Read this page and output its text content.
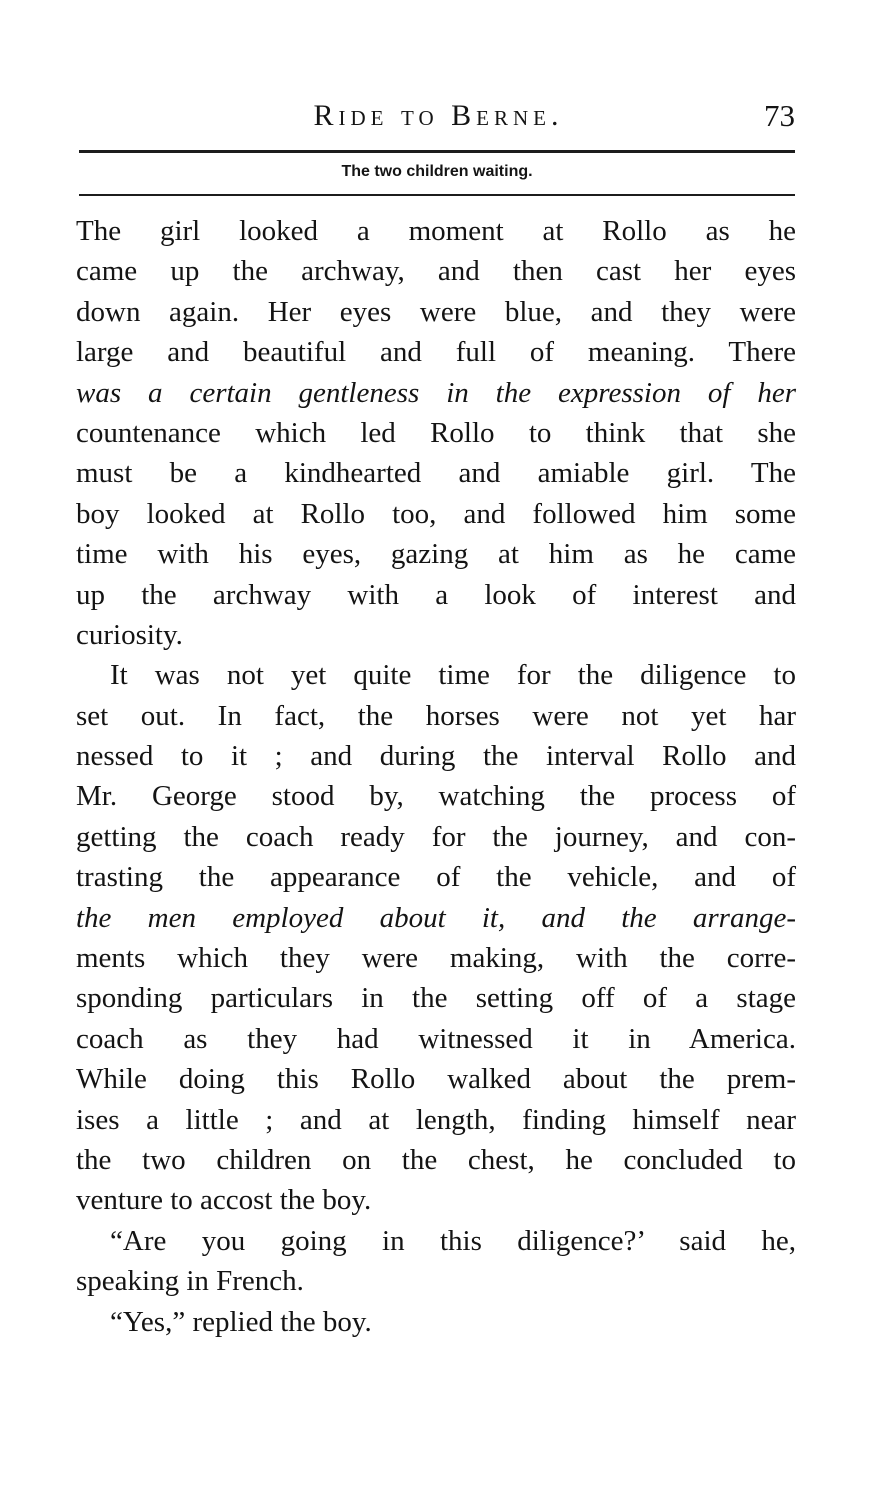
Ride to Berne.	73
The two children waiting.
The girl looked a moment at Rollo as he
came up the archway, and then cast her eyes
down again. Her eyes were blue, and they were
large and beautiful and full of meaning. There
was a certain gentleness in the expression of her
countenance which led Rollo to think that she
must be a kindhearted and amiable girl. The
boy looked at Rollo too, and followed him some
time with his eyes, gazing at him as he came
up the archway with a look of interest and
curiosity.
It was not yet quite time for the diligence to
set out. In fact, the horses were not yet har
nessed to it ; and during the interval Rollo and
Mr. George stood by, watching the process of
getting the coach ready for the journey, and con-
trasting the appearance of the vehicle, and of
the men employed about it, and the arrange-
ments which they were making, with the corre-
sponding particulars in the setting off of a stage
coach as they had witnessed it in America.
While doing this Rollo walked about the prem-
ises a little ; and at length, finding himself near
the two children on the chest, he concluded to
venture to accost the boy.
“Are you going in this diligence?’ said he,
speaking in French.
“Yes,” replied the boy.
